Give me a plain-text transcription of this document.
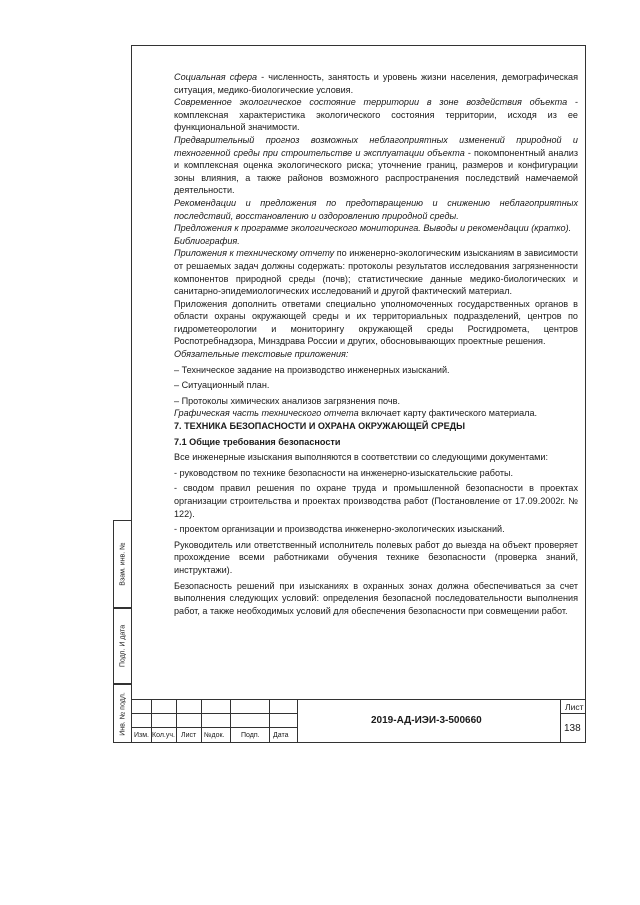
Взам. инв. №
Подп. И дата
Инв. № подл.

Социальная сфера - численность, занятость и уровень жизни населения, демографическая ситуация, медико-биологические условия.

Современное экологическое состояние территории в зоне воздействия объекта - комплексная характеристика экологического состояния территории, исходя из ее функциональной значимости.

Предварительный прогноз возможных неблагоприятных изменений природной и техногенной среды при строительстве и эксплуатации объекта - покомпонентный анализ и комплексная оценка экологического риска; уточнение границ, размеров и конфигурации зоны влияния, а также районов возможного распространения последствий намечаемой деятельности.

Рекомендации и предложения по предотвращению и снижению неблагоприятных последствий, восстановлению и оздоровлению природной среды.

Предложения к программе экологического мониторинга. Выводы и рекомендации (кратко).

Библиография.

Приложения к техническому отчету по инженерно-экологическим изысканиям в зависимости от решаемых задач должны содержать: протоколы результатов исследования загрязненности компонентов природной среды (почв); статистические данные медико-биологических и санитарно-эпидемиологических исследований и другой фактический материал.

Приложения дополнить ответами специально уполномоченных государственных органов в области охраны окружающей среды и их территориальных подразделений, центров по гидрометеорологии и мониторингу окружающей среды Росгидромета, центров Роспотребнадзора, Минздрава России и других, обосновывающих проектные решения.

Обязательные текстовые приложения:

– Техническое задание на производство инженерных изысканий.

– Ситуационный план.

– Протоколы химических анализов загрязнения почв.

Графическая часть технического отчета включает карту фактического материала.

7. ТЕХНИКА БЕЗОПАСНОСТИ И ОХРАНА ОКРУЖАЮЩЕЙ СРЕДЫ

7.1 Общие требования безопасности

Все инженерные изыскания выполняются в соответствии со следующими документами:

- руководством по технике безопасности на инженерно-изыскательские работы.

- сводом правил решения по охране труда и промышленной безопасности в проектах организации строительства и проектах производства работ (Постановление от 17.09.2002г. № 122).

- проектом организации и производства инженерно-экологических изысканий.

Руководитель или ответственный исполнитель полевых работ до выезда на объект проверяет прохождение всеми работниками обучения технике безопасности (проверка знаний, инструктажи).

Безопасность решений при изысканиях в охранных зонах должна обеспечиваться за счет выполнения следующих условий: определения безопасной последовательности выполнения работ, а также необходимых условий для обеспечения безопасности при совмещении работ.

Изм. Кол.уч. Лист №док. Подп. Дата
2019-АД-ИЭИ-3-500660
Лист
138
